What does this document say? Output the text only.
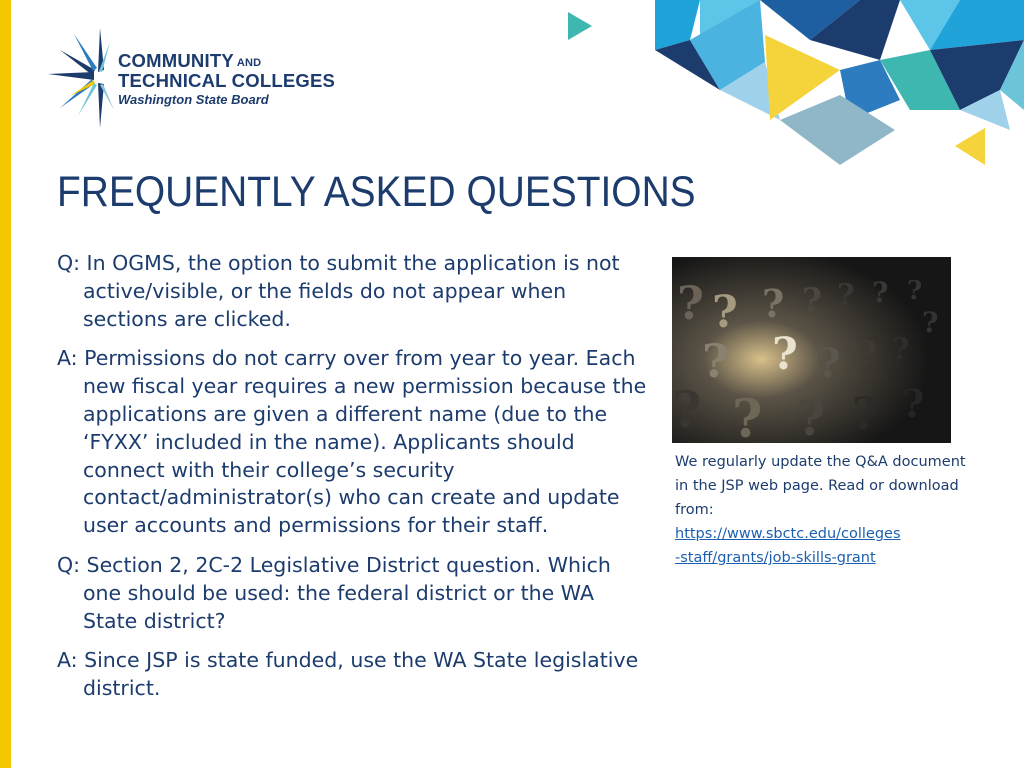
COMMUNITY AND
TECHNICAL COLLEGES
Washington State Board
FREQUENTLY ASKED QUESTIONS

Q: In OGMS, the option to submit the application is not active/visible, or the fields do not appear when sections are clicked.

A: Permissions do not carry over from year to year. Each new fiscal year requires a new permission because the applications are given a different name (due to the ‘FYXX’ included in the name). Applicants should connect with their college’s security contact/administrator(s) who can create and update user accounts and permissions for their staff.

Q: Section 2, 2C-2 Legislative District question. Which one should be used: the federal district or the WA State district?

A: Since JSP is state funded, use the WA State legislative district.

? ? ? ? ? ? ?
?
? ? ? ? ?
? ? ? ? ?
We regularly update the Q&A document in the JSP web page. Read or download from:
https://www.sbctc.edu/colleges
-staff/grants/job-skills-grant
